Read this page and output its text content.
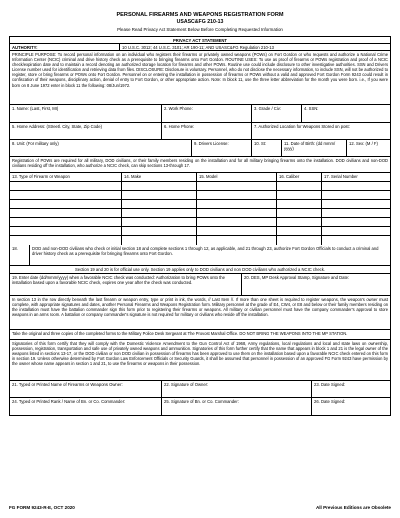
PERSONAL FIREARMS AND WEAPONS REGISTRATION FORM
USASC&FG 210-13
Please Read Privacy Act Statement Below Before Completing Requested Information
PRIVACY ACT STATEMENT
AUTHORITY:	10 U.S.C. 3012; 44 U.S.C. 3101; AR 190-11; AND USASC&FG Regulation 210-13
PRINCIPLE PURPOSE: To record personal information on an individual who registers their firearms or privately owned weapons (POWs) on Fort Gordon or who requests and authorize a National Crime Information Center (NCIC) criminal and drive history check as a prerequisite to bringing firearms onto Fort Gordon. ROUTINE USES: To use as proof of firearms or POWs registration and proof of a NCIC check/expiration date and to maintain a record denoting an authorized storage location for firearms and other POWs. Routine use could include disclosure to other investigative authorities. SSN and Drivers License number used for identification and retrieving data from files. DISCLOSURE: Disclosure is voluntary. Personnel, who do not disclose the necessary information, to include SSN, will not be authorized to register, store or bring firearms or POWs onto Fort Gordon. Personnel on or entering the installation in possession of firearms or POWs without a valid and approved Fort Gordon Form 9243 could result in confiscation of their weapons, disciplinary action, denial of entry to Fort Gordon, or other appropriate action. Note: In block 11, use the three letter abbreviation for the month you were born. i.e., If you were born on 8 June 1972 enter in block 11 the following: 08/Jun/1972.
1. Name: (Last, First, MI)	2. Work Phone:	3. Grade / Civ:	4. SSN:
5. Home Address: (Streetl. City, State, Zip Code)	6. Home Phone:	7. Authorized Location for Weapons Stored on post:
8. Unit: (For military only)	9. Drivers License:	10. St:	11. Date of Birth: (dd mmm/ yyyy)
12. Sex: (M / F)
Registration of POWs are required for all military, DOD civilians, or their family members residing on the installation and for all military bringing firearms onto the installation. DOD civilians and non-DOD civilians residing off the installation, who authorize a NCIC check, can skip sections 13-through 17.
13. Type of Firearm or Weapon	14. Make	15. Model	16. Caliber	17. Serial Number
18.	DOD and non-DOD civilians who check or initial section 18 and complete sections 1 through 12, as applicable, and 21 through 23, authorize Fort Gordon Officials to conduct a criminal and driver history check as a prerequisite for bringing firearms onto Fort Gordon.
Section 19 and 20 is for official use only. Section 19 applies only to DOD civilians and non DOD civilians who authorized a NCIC check.
19. Enter date (dd/mmm/yyyy) when a favorable NCIC check was conducted: Authorization to bring POWs onto the installation based upon a favorable NCIC check, expires one year after the check was conducted.
20. DES, MP Desk Approval Stamp, Signature and Date:
In section 13 in the row directly beneath the last firearm or weapon entry, type or print in ink, the words, // Last Item //. If more than one sheet is required to register weapons, the weapon's owner must complete, with appropriate signatures and dates, another Personal Firearms and Weapons Registration form. Military personnel at the grade of E4, CW4, or E8 and below or their family members residing on the installation must have the battalion commander sign this form prior to registering their firearms or weapons. All military or civilian personnel must have the company commander's approval to store weapons in an arms room. A battalion or company commander's signature is not required for military or civilians who reside off the installation.
Take the original and three copies of the completed forms to the Military Police Desk Sergeant at The Provost Marshal Office. DO NOT BRING THE WEAPONS INTO THE MP STATION.
Signatories of this form certify that they will comply with the Domestic Violence Amendment to the Gun Control Act of 1968, Army regulations, local regulations and local and state laws on ownership, possession, registration, transportation and safe use of privately owned weapons and ammunition. Signatories of this form further certify that the name that appears in block 1 and 21 is the legal owner of the weapons listed in sections 13-17, or the DOD civilian or non DOD civilian in possession of firearms has been approved to use them on the installation based upon a favorable NCIC check entered on this form in section 19. Unless otherwise determined by Fort Gordon Law Enforcement Officials or Security Guards, it shall be assumed that personnel in possession of an approved FG Form 9243 have permission by the owner whose name appears in section 1 and 21, to use the firearms or weapons in their possession.
21. Typed or Printed Name of Firearms or Weapons Owner:	22. Signature of Owner:	23. Date Signed:
24. Typed or Printed Rank / Name of Bn. or Co. Commander:	25. Signature of Bn. or Co. Commander:	26. Date Signed:
FG FORM 9243-R-E, OCT 2020	All Previous Editions are Obsolete
